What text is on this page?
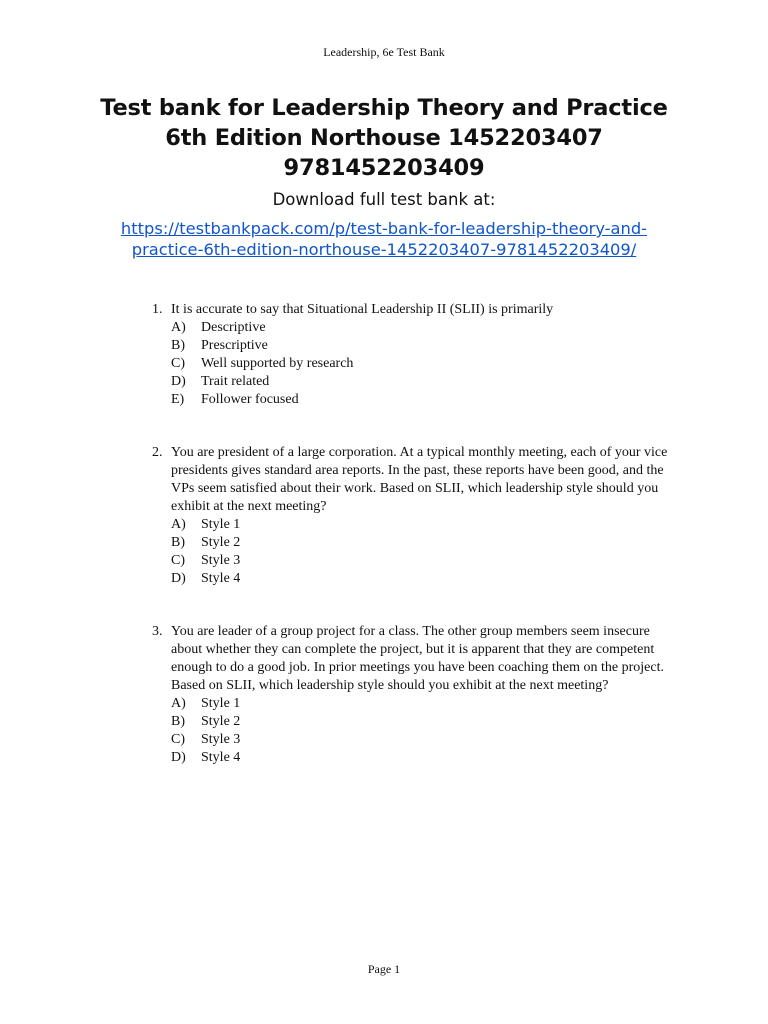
Leadership, 6e Test Bank
Test bank for Leadership Theory and Practice
6th Edition Northouse 1452203407
9781452203409
Download full test bank at:
https://testbankpack.com/p/test-bank-for-leadership-theory-and-
practice-6th-edition-northouse-1452203407-9781452203409/
1. It is accurate to say that Situational Leadership II (SLII) is primarily

A)	Descriptive
B)	Prescriptive
C)	Well supported by research
D)	Trait related
E)	Follower focused
2. You are president of a large corporation. At a typical monthly meeting, each of your vice presidents gives standard area reports. In the past, these reports have been good, and the VPs seem satisfied about their work. Based on SLII, which leadership style should you exhibit at the next meeting?

A)	Style 1
B)	Style 2
C)	Style 3
D)	Style 4
3. You are leader of a group project for a class. The other group members seem insecure about whether they can complete the project, but it is apparent that they are competent enough to do a good job. In prior meetings you have been coaching them on the project. Based on SLII, which leadership style should you exhibit at the next meeting?

A)	Style 1
B)	Style 2
C)	Style 3
D)	Style 4
Page 1
